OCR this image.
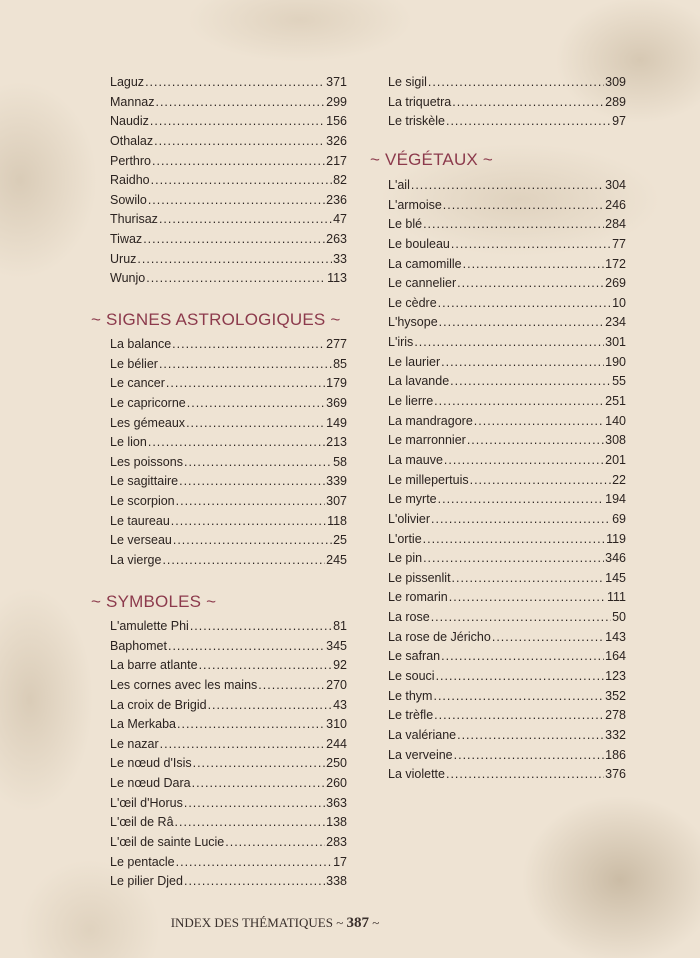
Laguz .....	371
Mannaz .....	299
Naudiz .....	156
Othalaz .....	326
Perthro .....	217
Raidho .....	82
Sowilo .....	236
Thurisaz .....	47
Tiwaz .....	263
Uruz .....	33
Wunjo .....	113
~ SIGNES ASTROLOGIQUES ~
La balance .....	277
Le bélier .....	85
Le cancer .....	179
Le capricorne .....	369
Les gémeaux .....	149
Le lion .....	213
Les poissons .....	58
Le sagittaire .....	339
Le scorpion .....	307
Le taureau .....	118
Le verseau .....	25
La vierge .....	245
~ SYMBOLES ~
L'amulette Phi .....	81
Baphomet .....	345
La barre atlante .....	92
Les cornes avec les mains .....	270
La croix de Brigid .....	43
La Merkaba .....	310
Le nazar .....	244
Le nœud d'Isis .....	250
Le nœud Dara .....	260
L'œil d'Horus .....	363
L'œil de Râ .....	138
L'œil de sainte Lucie .....	283
Le pentacle .....	17
Le pilier Djed .....	338
Le sigil .....	309
La triquetra .....	289
Le triskèle .....	97
~ VÉGÉTAUX ~
L'ail .....	304
L'armoise .....	246
Le blé .....	284
Le bouleau .....	77
La camomille .....	172
Le cannelier .....	269
Le cèdre .....	10
L'hysope .....	234
L'iris .....	301
Le laurier .....	190
La lavande .....	55
Le lierre .....	251
La mandragore .....	140
Le marronnier .....	308
La mauve .....	201
Le millepertuis .....	22
Le myrte .....	194
L'olivier .....	69
L'ortie .....	119
Le pin .....	346
Le pissenlit .....	145
Le romarin .....	111
La rose .....	50
La rose de Jéricho .....	143
Le safran .....	164
Le souci .....	123
Le thym .....	352
Le trèfle .....	278
La valériane .....	332
La verveine .....	186
La violette .....	376
INDEX DES THÉMATIQUES ~ 387 ~
